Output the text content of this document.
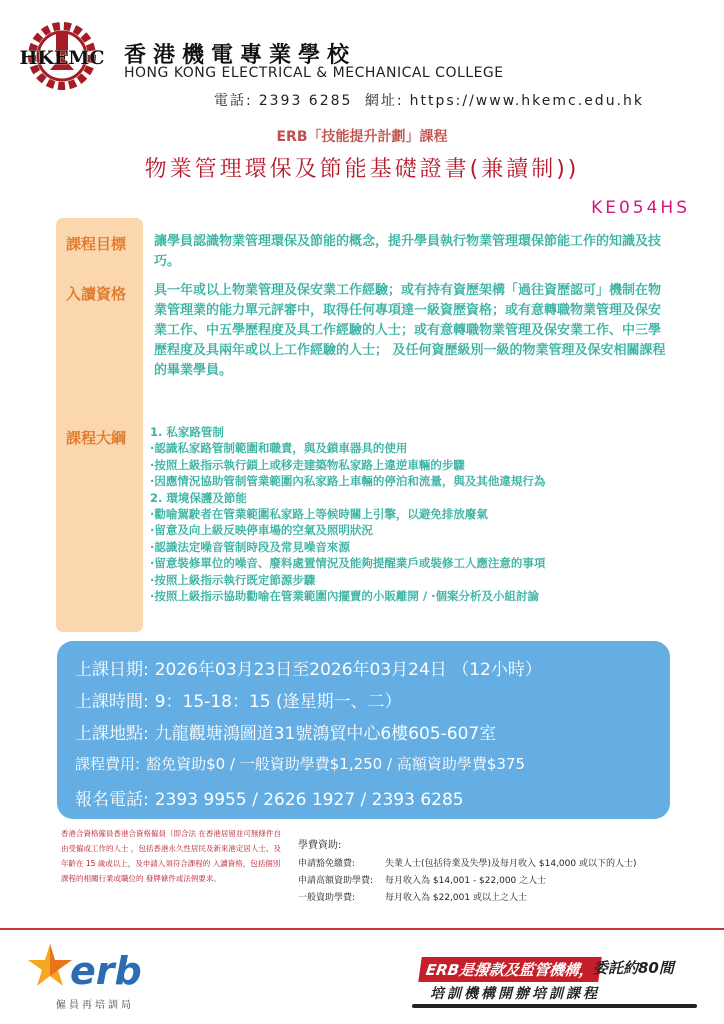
HKEMC 香港機電專業學校
HONG KONG ELECTRICAL & MECHANICAL COLLEGE
電話: 2393 6285 網址: https://www.hkemc.edu.hk
ERB「技能提升計劃」課程
物業管理環保及節能基礎證書(兼讀制))
KE054HS
課程目標 讓學員認識物業管理環保及節能的概念，提升學員執行物業管理環保節能工作的知識及技巧。
入讀資格 具一年或以上物業管理及保安業工作經驗；或有持有資歷架構「過往資歷認可」機制在物業管理業的能力單元評審中，取得任何專項達一級資歷資格；或有意轉職物業管理及保安業工作、中五學歷程度及具工作經驗的人士；或有意轉職物業管理及保安業工作、中三學歷程度及具兩年或以上工作經驗的人士； 及任何資歷級別一級的物業管理及保安相關課程的畢業學員。
課程大綱 1. 私家路管制
·認識私家路管制範圍和職責，與及鎖車器具的使用
·按照上級指示執行鎖上或移走建築物私家路上違逆車輛的步驟
·因應情況協助管制管業範圍內私家路上車輛的停泊和流量，與及其他違規行為
2. 環境保護及節能
·勸喻駕駛者在管業範圍私家路上等候時關上引擎，以避免排放廢氣
·留意及向上級反映停車場的空氣及照明狀況
·認識法定噪音管制時段及常見噪音來源
·留意裝修單位的噪音、廢料處置情況及能夠提醒業戶或裝修工人應注意的事項
·按照上級指示執行既定節源步驟
·按照上級指示協助勸喻在管業範圍內擺賣的小販離開 / ·個案分析及小組討論
上課日期: 2026年03月23日至2026年03月24日 （12小時）
上課時間: 9：15-18：15 (逢星期一、二）
上課地點: 九龍觀塘鴻圖道31號鴻貿中心6樓605-607室
課程費用: 豁免資助$0 / 一般資助學費$1,250 / 高額資助學費$375
報名電話: 2393 9955 / 2626 1927 / 2393 6285
香港合資格僱員香港合資格僱員（即合法 在香港居留並可無條件自由受僱或工作的人士 ，包括香港永久性居民及新來港定居人士、及 年齡在 15 歲或以上，及申請入須符合課程的 入讀資格，包括個別課程的相關行業或職位的 發牌條件或法例要求。
學費資助:
申請豁免繳費:	失業人士(包括待業及失學)及每月收入 $14,000 或以下的人士)
申請高額資助學費: 每月收入為 $14,001 - $22,000 之人士
一般資助學費:	每月收入為 $22,001 或以上之人士
erb
僱員再培訓局
ERB是撥款及監管機構，
委託約80間
培訓機構開辦培訓課程
